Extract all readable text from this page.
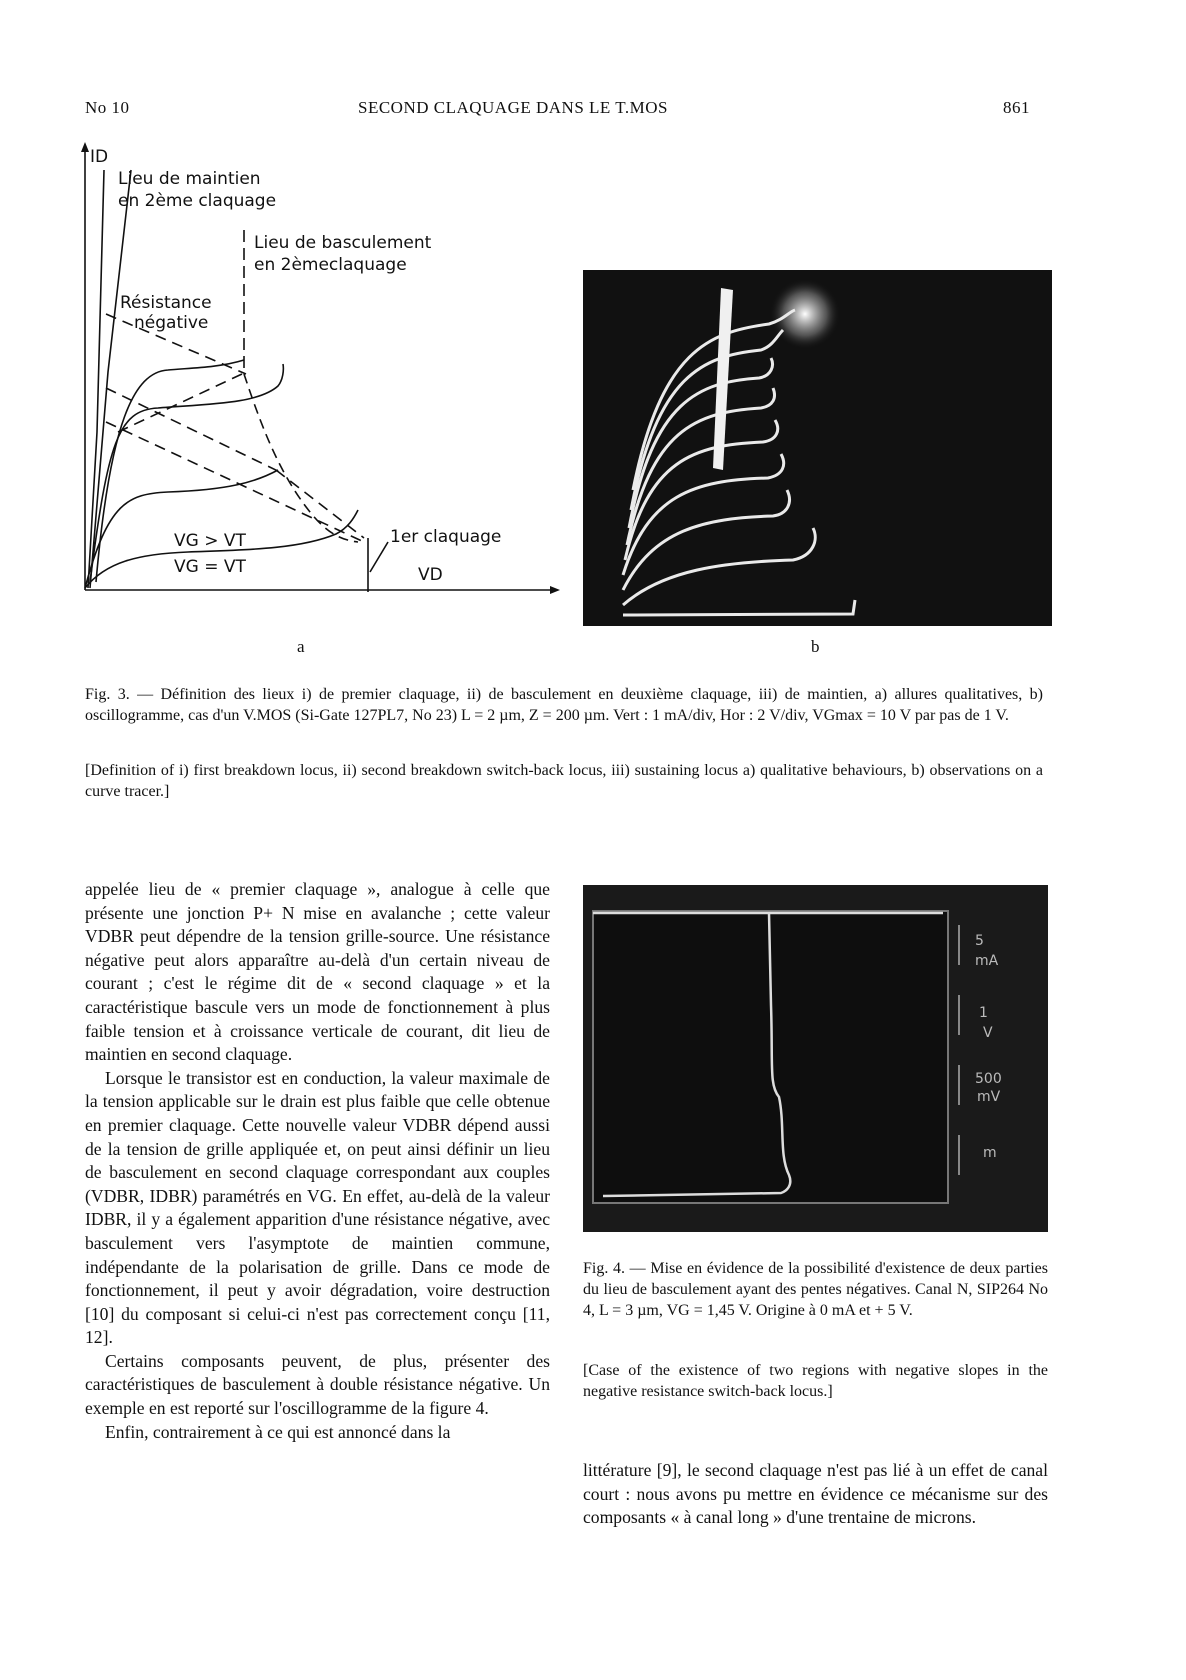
No 10	SECOND CLAQUAGE DANS LE T.MOS	861
ID
Lieu de maintien
en 2ème claquage
Lieu de basculement
en 2èmeclaquage
Résistance
négative
1er claquage
VG > VT
VG = VT	VD
a	b
Fig. 3. — Définition des lieux i) de premier claquage, ii) de basculement en deuxième claquage, iii) de maintien, a) allures qualitatives, b) oscillogramme, cas d'un V.MOS (Si-Gate 127PL7, No 23) L = 2 µm, Z = 200 µm. Vert : 1 mA/div, Hor : 2 V/div, VGmax = 10 V par pas de 1 V.
[Definition of i) first breakdown locus, ii) second breakdown switch-back locus, iii) sustaining locus a) qualitative behaviours, b) observations on a curve tracer.]

appelée lieu de « premier claquage », analogue à celle que présente une jonction P+ N mise en avalanche ; cette valeur VDBR peut dépendre de la tension grille-source. Une résistance négative peut alors apparaître au-delà d'un certain niveau de courant ; c'est le régime dit de « second claquage » et la caractéristique bascule vers un mode de fonctionnement à plus faible tension et à croissance verticale de courant, dit lieu de maintien en second claquage.

Lorsque le transistor est en conduction, la valeur maximale de la tension applicable sur le drain est plus faible que celle obtenue en premier claquage. Cette nouvelle valeur VDBR dépend aussi de la tension de grille appliquée et, on peut ainsi définir un lieu de basculement en second claquage correspondant aux couples (VDBR, IDBR) paramétrés en VG. En effet, au-delà de la valeur IDBR, il y a également apparition d'une résistance négative, avec basculement vers l'asymptote de maintien commune, indépendante de la polarisation de grille. Dans ce mode de fonctionnement, il peut y avoir dégradation, voire destruction [10] du composant si celui-ci n'est pas correctement conçu [11, 12].

Certains composants peuvent, de plus, présenter des caractéristiques de basculement à double résistance négative. Un exemple en est reporté sur l'oscillogramme de la figure 4.

Enfin, contrairement à ce qui est annoncé dans la

5
mA
1
V
500
mV
m
Fig. 4. — Mise en évidence de la possibilité d'existence de deux parties du lieu de basculement ayant des pentes négatives. Canal N, SIP264 No 4, L = 3 µm, VG = 1,45 V. Origine à 0 mA et + 5 V.
[Case of the existence of two regions with negative slopes in the negative resistance switch-back locus.]

littérature [9], le second claquage n'est pas lié à un effet de canal court : nous avons pu mettre en évidence ce mécanisme sur des composants « à canal long » d'une trentaine de microns.
